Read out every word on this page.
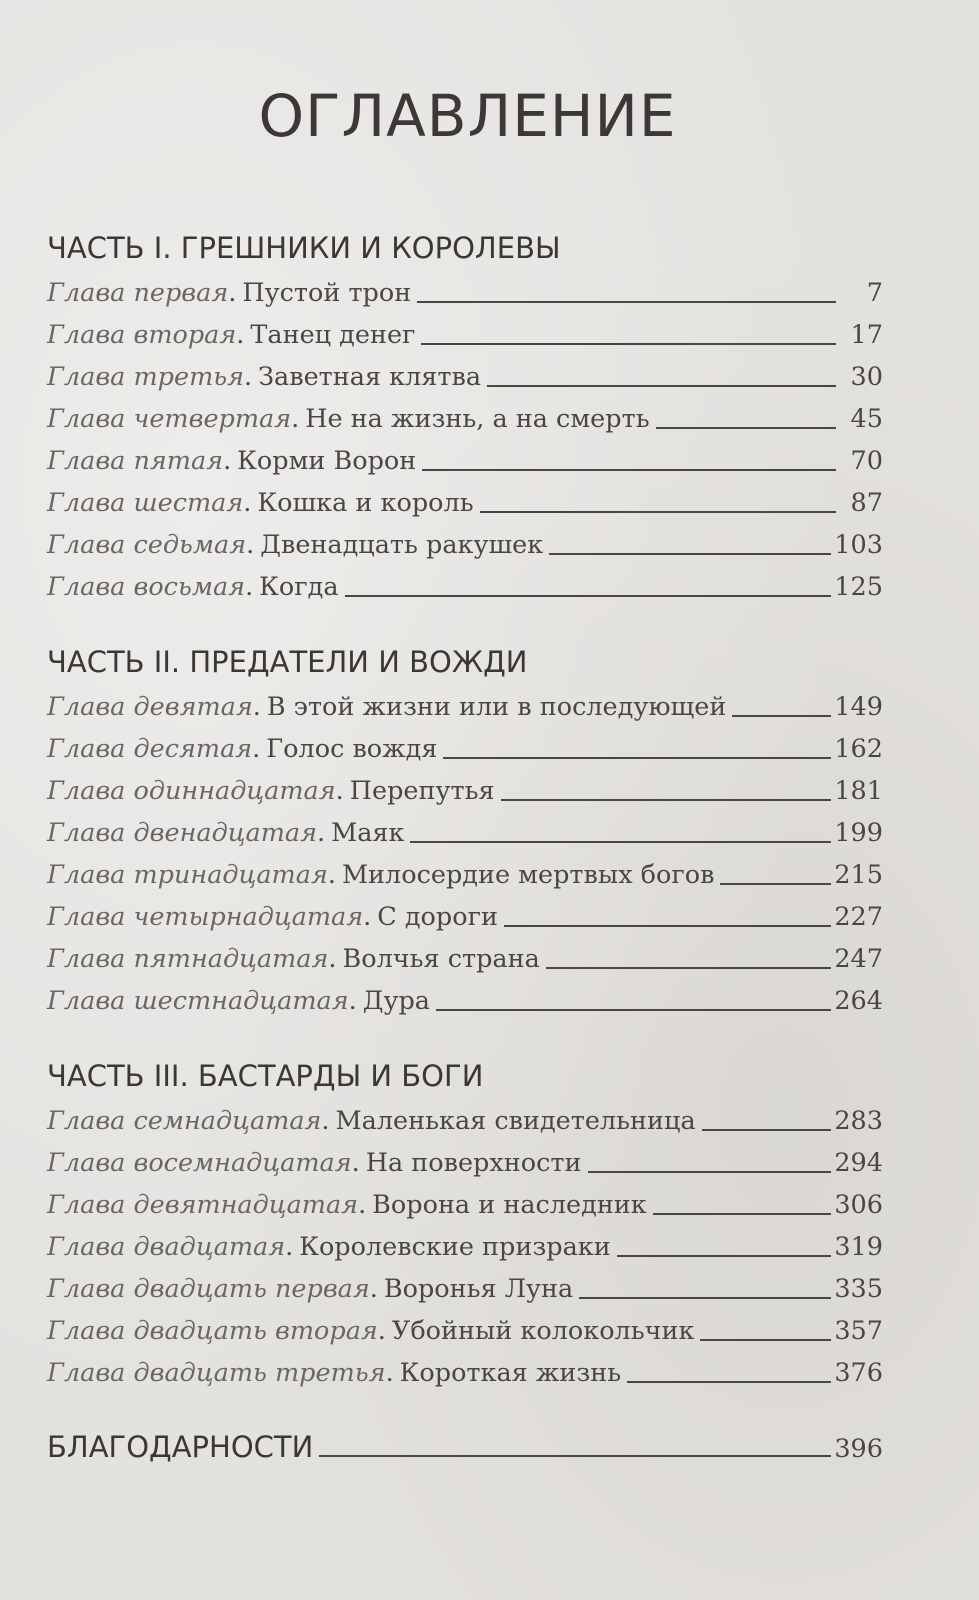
ОГЛАВЛЕНИЕ
ЧАСТЬ I. ГРЕШНИКИ И КОРОЛЕВЫ
Глава первая . Пустой трон	7
Глава вторая . Танец денег	17
Глава третья . Заветная клятва	30
Глава четвертая . Не на жизнь, а на смерть	45
Глава пятая . Корми Ворон	70
Глава шестая . Кошка и король	87
Глава седьмая . Двенадцать ракушек	103
Глава восьмая . Когда	125
ЧАСТЬ II. ПРЕДАТЕЛИ И ВОЖДИ
Глава девятая . В этой жизни или в последующей	149
Глава десятая . Голос вождя	162
Глава одиннадцатая . Перепутья	181
Глава двенадцатая . Маяк	199
Глава тринадцатая . Милосердие мертвых богов	215
Глава четырнадцатая . С дороги	227
Глава пятнадцатая . Волчья страна	247
Глава шестнадцатая . Дура	264
ЧАСТЬ III. БАСТАРДЫ И БОГИ
Глава семнадцатая . Маленькая свидетельница	283
Глава восемнадцатая . На поверхности	294
Глава девятнадцатая . Ворона и наследник	306
Глава двадцатая . Королевские призраки	319
Глава двадцать первая . Воронья Луна	335
Глава двадцать вторая . Убойный колокольчик	357
Глава двадцать третья . Короткая жизнь	376
БЛАГОДАРНОСТИ	396
